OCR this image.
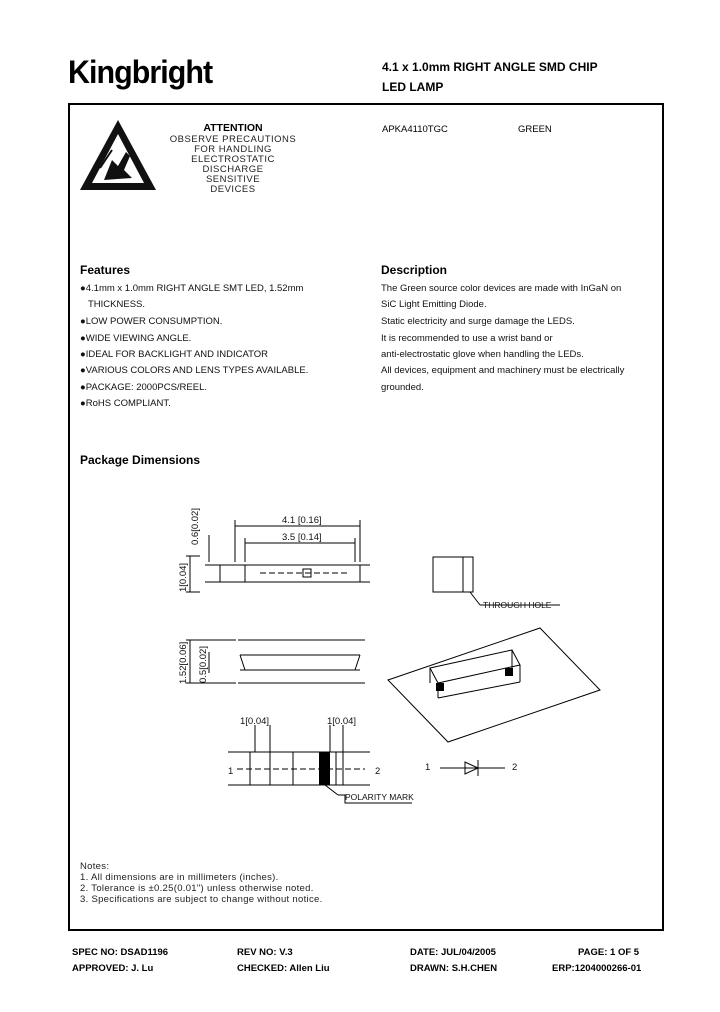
Kingbright	4.1 x 1.0mm RIGHT ANGLE SMD CHIP
LED LAMP
ATTENTION
OBSERVE PRECAUTIONS
FOR HANDLING
ELECTROSTATIC
DISCHARGE
SENSITIVE
DEVICES
APKA4110TGC	GREEN
Features
●4.1mm x 1.0mm RIGHT ANGLE SMT LED, 1.52mm
THICKNESS.
●LOW POWER CONSUMPTION.
●WIDE VIEWING ANGLE.
●IDEAL FOR BACKLIGHT AND INDICATOR
●VARIOUS COLORS AND LENS TYPES AVAILABLE.
●PACKAGE: 2000PCS/REEL.
●RoHS COMPLIANT.
Description
The Green source color devices are made with InGaN on
SiC Light Emitting Diode.
Static electricity and surge damage the LEDS.
It is recommended to use a wrist band or
anti-electrostatic glove when handling the LEDs.
All devices, equipment and machinery must be electrically
grounded.
Package Dimensions
4.1 [0.16]
3.5 [0.14]
0.6[0.02]
1[0.04]
1.52[0.06] 0.5[0.02]
1[0.04]	1[0.04]
1	2
POLARITY MARK
THROUGH HOLE
1	2
Notes:
1. All dimensions are in millimeters (inches).
2. Tolerance is ±0.25(0.01") unless otherwise noted.
3. Specifications are subject to change without notice.
SPEC NO: DSAD1196	REV NO: V.3	DATE: JUL/04/2005	PAGE: 1 OF 5
APPROVED: J. Lu	CHECKED: Allen Liu	DRAWN: S.H.CHEN	ERP:1204000266-01
